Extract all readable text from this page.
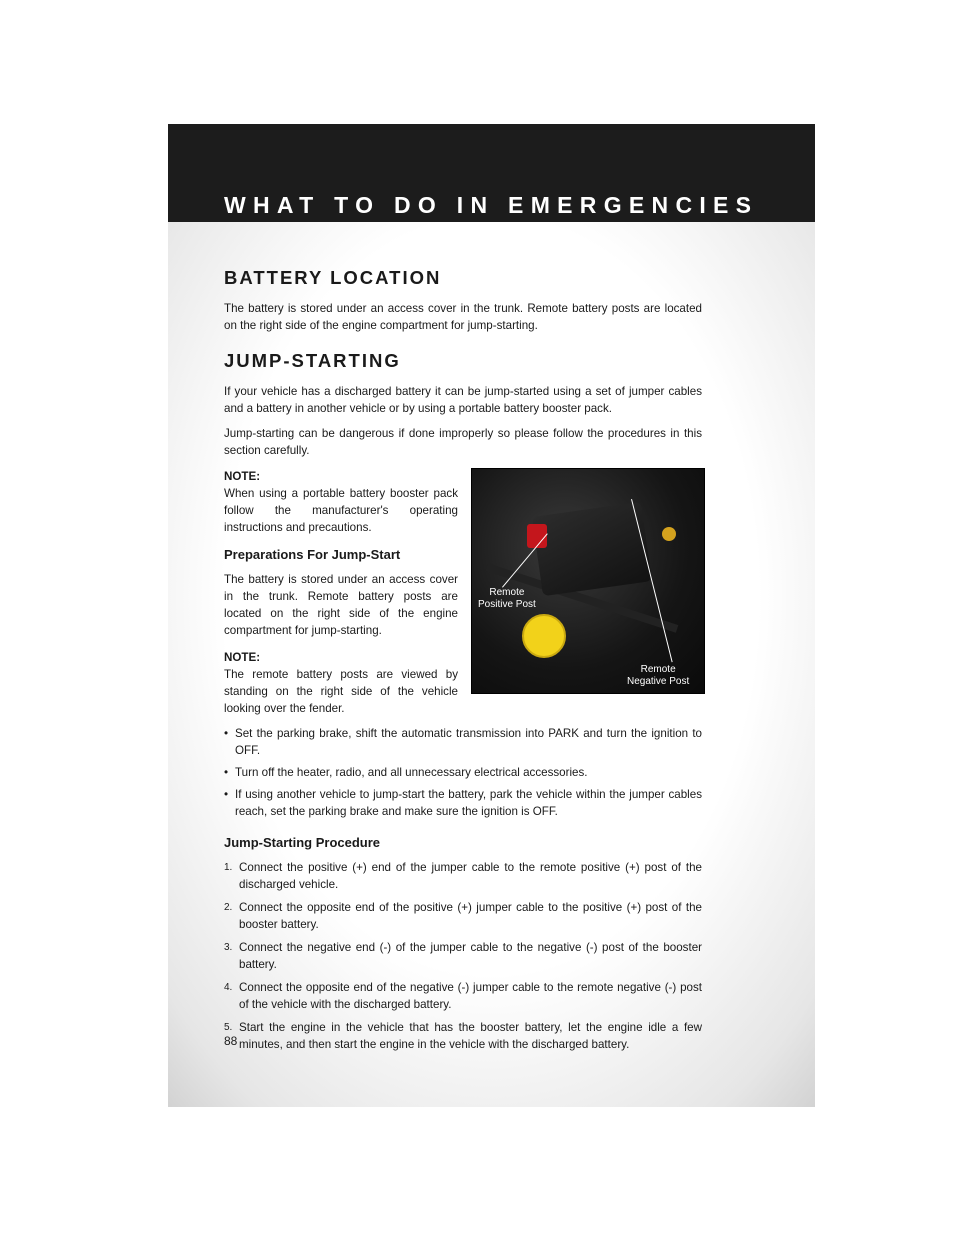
WHAT TO DO IN EMERGENCIES
BATTERY LOCATION

The battery is stored under an access cover in the trunk. Remote battery posts are located on the right side of the engine compartment for jump-starting.

JUMP-STARTING

If your vehicle has a discharged battery it can be jump-started using a set of jumper cables and a battery in another vehicle or by using a portable battery booster pack.

Jump-starting can be dangerous if done improperly so please follow the procedures in this section carefully.

NOTE:

When using a portable battery booster pack follow the manufacturer's operating instructions and precautions.

Preparations For Jump-Start

The battery is stored under an access cover in the trunk. Remote battery posts are located on the right side of the engine compartment for jump-starting.

NOTE:

The remote battery posts are viewed by standing on the right side of the vehicle looking over the fender.

Remote
Positive Post
Remote
Negative Post
• Set the parking brake, shift the automatic transmission into PARK and turn the ignition to OFF.
• Turn off the heater, radio, and all unnecessary electrical accessories.
• If using another vehicle to jump-start the battery, park the vehicle within the jumper cables reach, set the parking brake and make sure the ignition is OFF.
Jump-Starting Procedure
1. Connect the positive (+) end of the jumper cable to the remote positive (+) post of the discharged vehicle.
2. Connect the opposite end of the positive (+) jumper cable to the positive (+) post of the booster battery.
3. Connect the negative end (-) of the jumper cable to the negative (-) post of the booster battery.
4. Connect the opposite end of the negative (-) jumper cable to the remote negative (-) post of the vehicle with the discharged battery.
5. Start the engine in the vehicle that has the booster battery, let the engine idle a few minutes, and then start the engine in the vehicle with the discharged battery.
88
